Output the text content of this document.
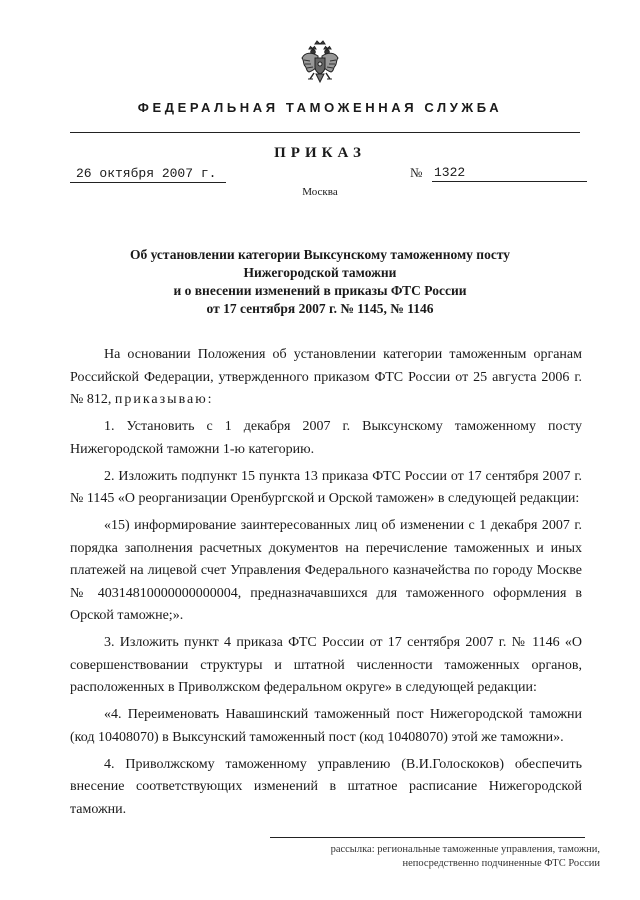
ФЕДЕРАЛЬНАЯ ТАМОЖЕННАЯ СЛУЖБА
ПРИКАЗ
26 октября 2007 г.	№ 1322
Москва
Об установлении категории Выксунскому таможенному посту
Нижегородской таможни
и о внесении изменений в приказы ФТС России
от 17 сентября 2007 г. № 1145, № 1146

На основании Положения об установлении категории таможенным органам Российской Федерации, утвержденного приказом ФТС России от 25 августа 2006 г. № 812, приказываю:

1. Установить с 1 декабря 2007 г. Выксунскому таможенному посту Нижегородской таможни 1-ю категорию.

2. Изложить подпункт 15 пункта 13 приказа ФТС России от 17 сентября 2007 г. № 1145 «О реорганизации Оренбургской и Орской таможен» в следующей редакции:

«15) информирование заинтересованных лиц об изменении с 1 декабря 2007 г. порядка заполнения расчетных документов на перечисление таможенных и иных платежей на лицевой счет Управления Федерального казначейства по городу Москве № 40314810000000000004, предназначавшихся для таможенного оформления в Орской таможне;».

3. Изложить пункт 4 приказа ФТС России от 17 сентября 2007 г. № 1146 «О совершенствовании структуры и штатной численности таможенных органов, расположенных в Приволжском федеральном округе» в следующей редакции:

«4. Переименовать Навашинский таможенный пост Нижегородской таможни (код 10408070) в Выксунский таможенный пост (код 10408070) этой же таможни».

4. Приволжскому таможенному управлению (В.И.Голоскоков) обеспечить внесение соответствующих изменений в штатное расписание Нижегородской таможни.

рассылка: региональные таможенные управления, таможни,
непосредственно подчиненные ФТС России
